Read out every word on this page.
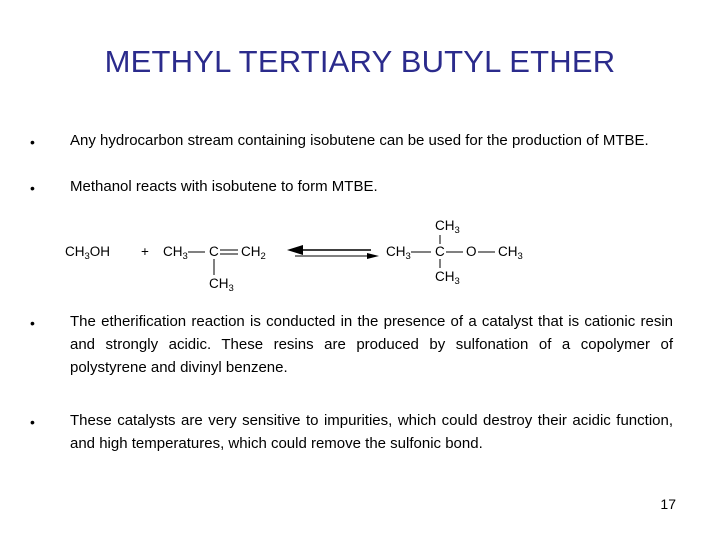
METHYL TERTIARY BUTYL ETHER
• Any hydrocarbon stream containing isobutene can be used for the production of MTBE.
• Methanol reacts with isobutene to form MTBE.
$CH_3OH + CH_3$ C $CH_2$
$CH_3$
$CH_3$ C O $CH_3$
$CH_3$
$CH_3$
• The etherification reaction is conducted in the presence of a catalyst that is cationic resin and strongly acidic. These resins are produced by sulfonation of a copolymer of polystyrene and divinyl benzene.
• These catalysts are very sensitive to impurities, which could destroy their acidic function, and high temperatures, which could remove the sulfonic bond.
17
